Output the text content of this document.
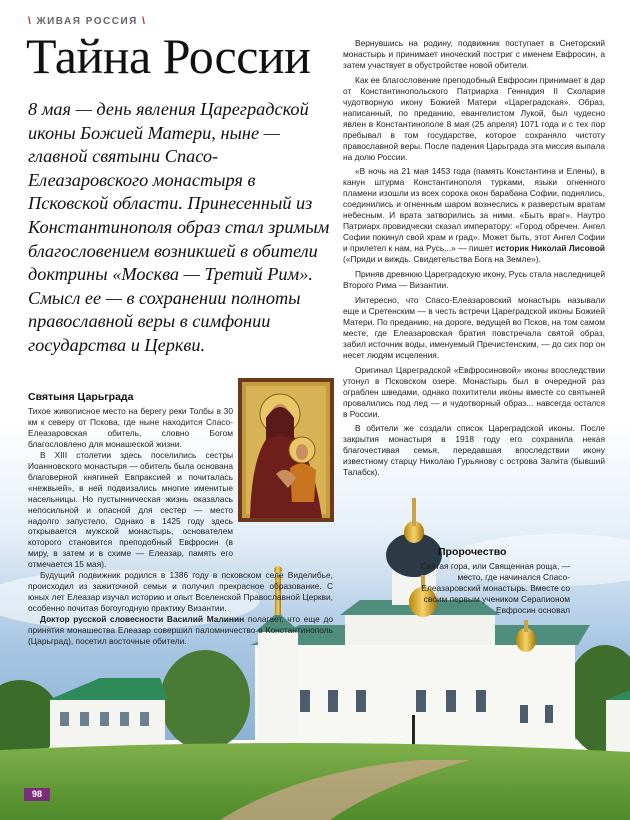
\ ЖИВАЯ РОССИЯ \
Тайна России

8 мая — день явления Цареградской иконы Божией Матери, ныне — главной святыни Спасо-Елеазаровского монастыря в Псковской области. Принесенный из Константинополя образ стал зримым благословением возникшей в обители доктрины «Москва — Третий Рим». Смысл ее — в сохранении полноты православной веры в симфонии государства и Церкви.

Вернувшись на родину, подвижник поступает в Снеторский монастырь и принимает иноческий постриг с именем Евфросин, а затем участвует в обустройстве новой обители.

Как ее благословение преподобный Евфросин принимает в дар от Константинопольского Патриарха Геннадия II Схолария чудотворную икону Божией Матери «Цареградская». Образ, написанный, по преданию, евангелистом Лукой, был чудесно явлен в Константинополе 8 мая (25 апреля) 1071 года и с тех пор пребывал в том государстве, которое сохраняло чистоту православной веры. После падения Царьграда эта миссия выпала на долю России.

«В ночь на 21 мая 1453 года (память Константина и Елены), в канун штурма Константинополя турками, языки огненного пламени изошли из всех сорока окон барабана Софии, поднялись, соединились и огненным шаром вознеслись к разверстым вратам небесным. И врата затворились за ними. «Быть враг». Наутро Патриарх провидчески сказал императору: «Город обречен. Ангел Софии покинул свой храм и град». Может быть, этот Ангел Софии и прилетел к нам, на Русь...» — пишет историк Николай Лисовой («Приди и виждь. Свидетельства Бога на Земле»).

Приняв древнюю Цареградскую икону, Русь стала наследницей Второго Рима — Византии.

Интересно, что Спасо-Елеазаровский монастырь называли еще и Сретенским — в честь встречи Цареградской иконы Божией Матери. По преданию, на дороге, ведущей во Псков, на том самом месте, где Елеазаровская братия повстречала святой образ, забил источник воды, именуемый Пречистенским, — до сих пор он несет людям исцеления.

Оригинал Цареградской «Евфросиновой» иконы впоследствии утонул в Псковском озере. Монастырь был в очередной раз ограблен шведами, однако похитители иконы вместе со святыней провалились под лед — и чудотворный образ... навсегда остался в России.

В обители же создали список Цареградской иконы. После закрытия монастыря в 1918 году его сохранила некая благочестивая семья, передавшая впоследствии икону известному старцу Николаю Гурьянову с острова Залита (бывший Талабск).

Святыня Царьграда

Тихое живописное место на берегу реки Толбы в 30 км к северу от Пскова, где ныне находится Спасо-Елеазаровская обитель, словно Богом благословлено для монашеской жизни.

В XIII столетии здесь поселились сестры Иоанновского монастыря — обитель была основана благоверной княгиней Евпраксией и почиталась «нежвыей», в ней подвизались многие именитые насельницы. Но пустынническая жизнь оказалась непосильной и опасной для сестер — место надолго запустело. Однако в 1425 году здесь открывается мужской монастырь, основателем которого становится преподобный Евфросин (в миру, в затем и в схиме — Елеазар, память его отмечается 15 мая).

Будущий подвижник родился в 1386 году в псковском селе Виделибье, происходил из зажиточной семьи и получил прекрасное образование. С юных лет Елеазар изучал историю и опыт Вселенской Православной Церкви, особенно почитая богоугодную практику Византии.

Доктор русской словесности Василий Малинин полагает, что еще до принятия монашества Елеазар совершил паломничество в Константинополь (Царьград), посетил восточные обители.

Пророчество
Святая гора, или Священная роща, — место, где начинался Спасо-Елеазаровский монастырь. Вместе со своим первым учеником Серапионом Евфросин основал
98
